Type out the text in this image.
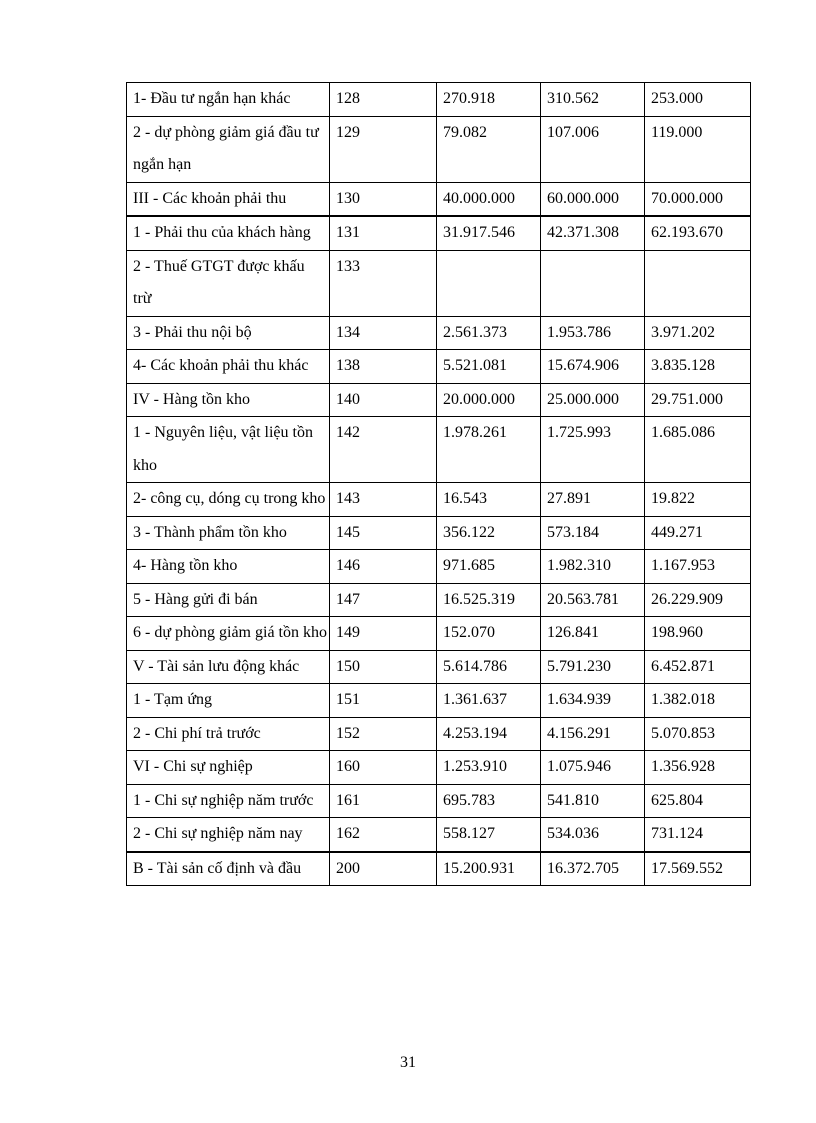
1- Đầu tư ngắn hạn khác	128	270.918	310.562	253.000
2 - dự phòng giảm giá đầu tư ngắn hạn	129	79.082	107.006	119.000
III - Các khoản phải thu	130	40.000.000	60.000.000	70.000.000
1 - Phải thu của khách hàng	131	31.917.546	42.371.308	62.193.670
2 - Thuế GTGT được khấu trừ	133			
3 - Phải thu nội bộ	134	2.561.373	1.953.786	3.971.202
4- Các khoản phải thu khác	138	5.521.081	15.674.906	3.835.128
IV - Hàng tồn kho	140	20.000.000	25.000.000	29.751.000
1 - Nguyên liệu, vật liệu tồn kho	142	1.978.261	1.725.993	1.685.086
2- công cụ, dóng cụ trong kho	143	16.543	27.891	19.822
3 - Thành phẩm tồn kho	145	356.122	573.184	449.271
4- Hàng tồn kho	146	971.685	1.982.310	1.167.953
5 - Hàng gửi đi bán	147	16.525.319	20.563.781	26.229.909
6 - dự phòng giảm giá tồn kho	149	152.070	126.841	198.960
V - Tài sản lưu động khác	150	5.614.786	5.791.230	6.452.871
1 - Tạm ứng	151	1.361.637	1.634.939	1.382.018
2 - Chi phí trả trước	152	4.253.194	4.156.291	5.070.853
VI - Chi sự nghiệp	160	1.253.910	1.075.946	1.356.928
1 - Chi sự nghiệp năm trước	161	695.783	541.810	625.804
2 - Chi sự nghiệp năm nay	162	558.127	534.036	731.124
B - Tài sản cố định và đầu	200	15.200.931	16.372.705	17.569.552
31
